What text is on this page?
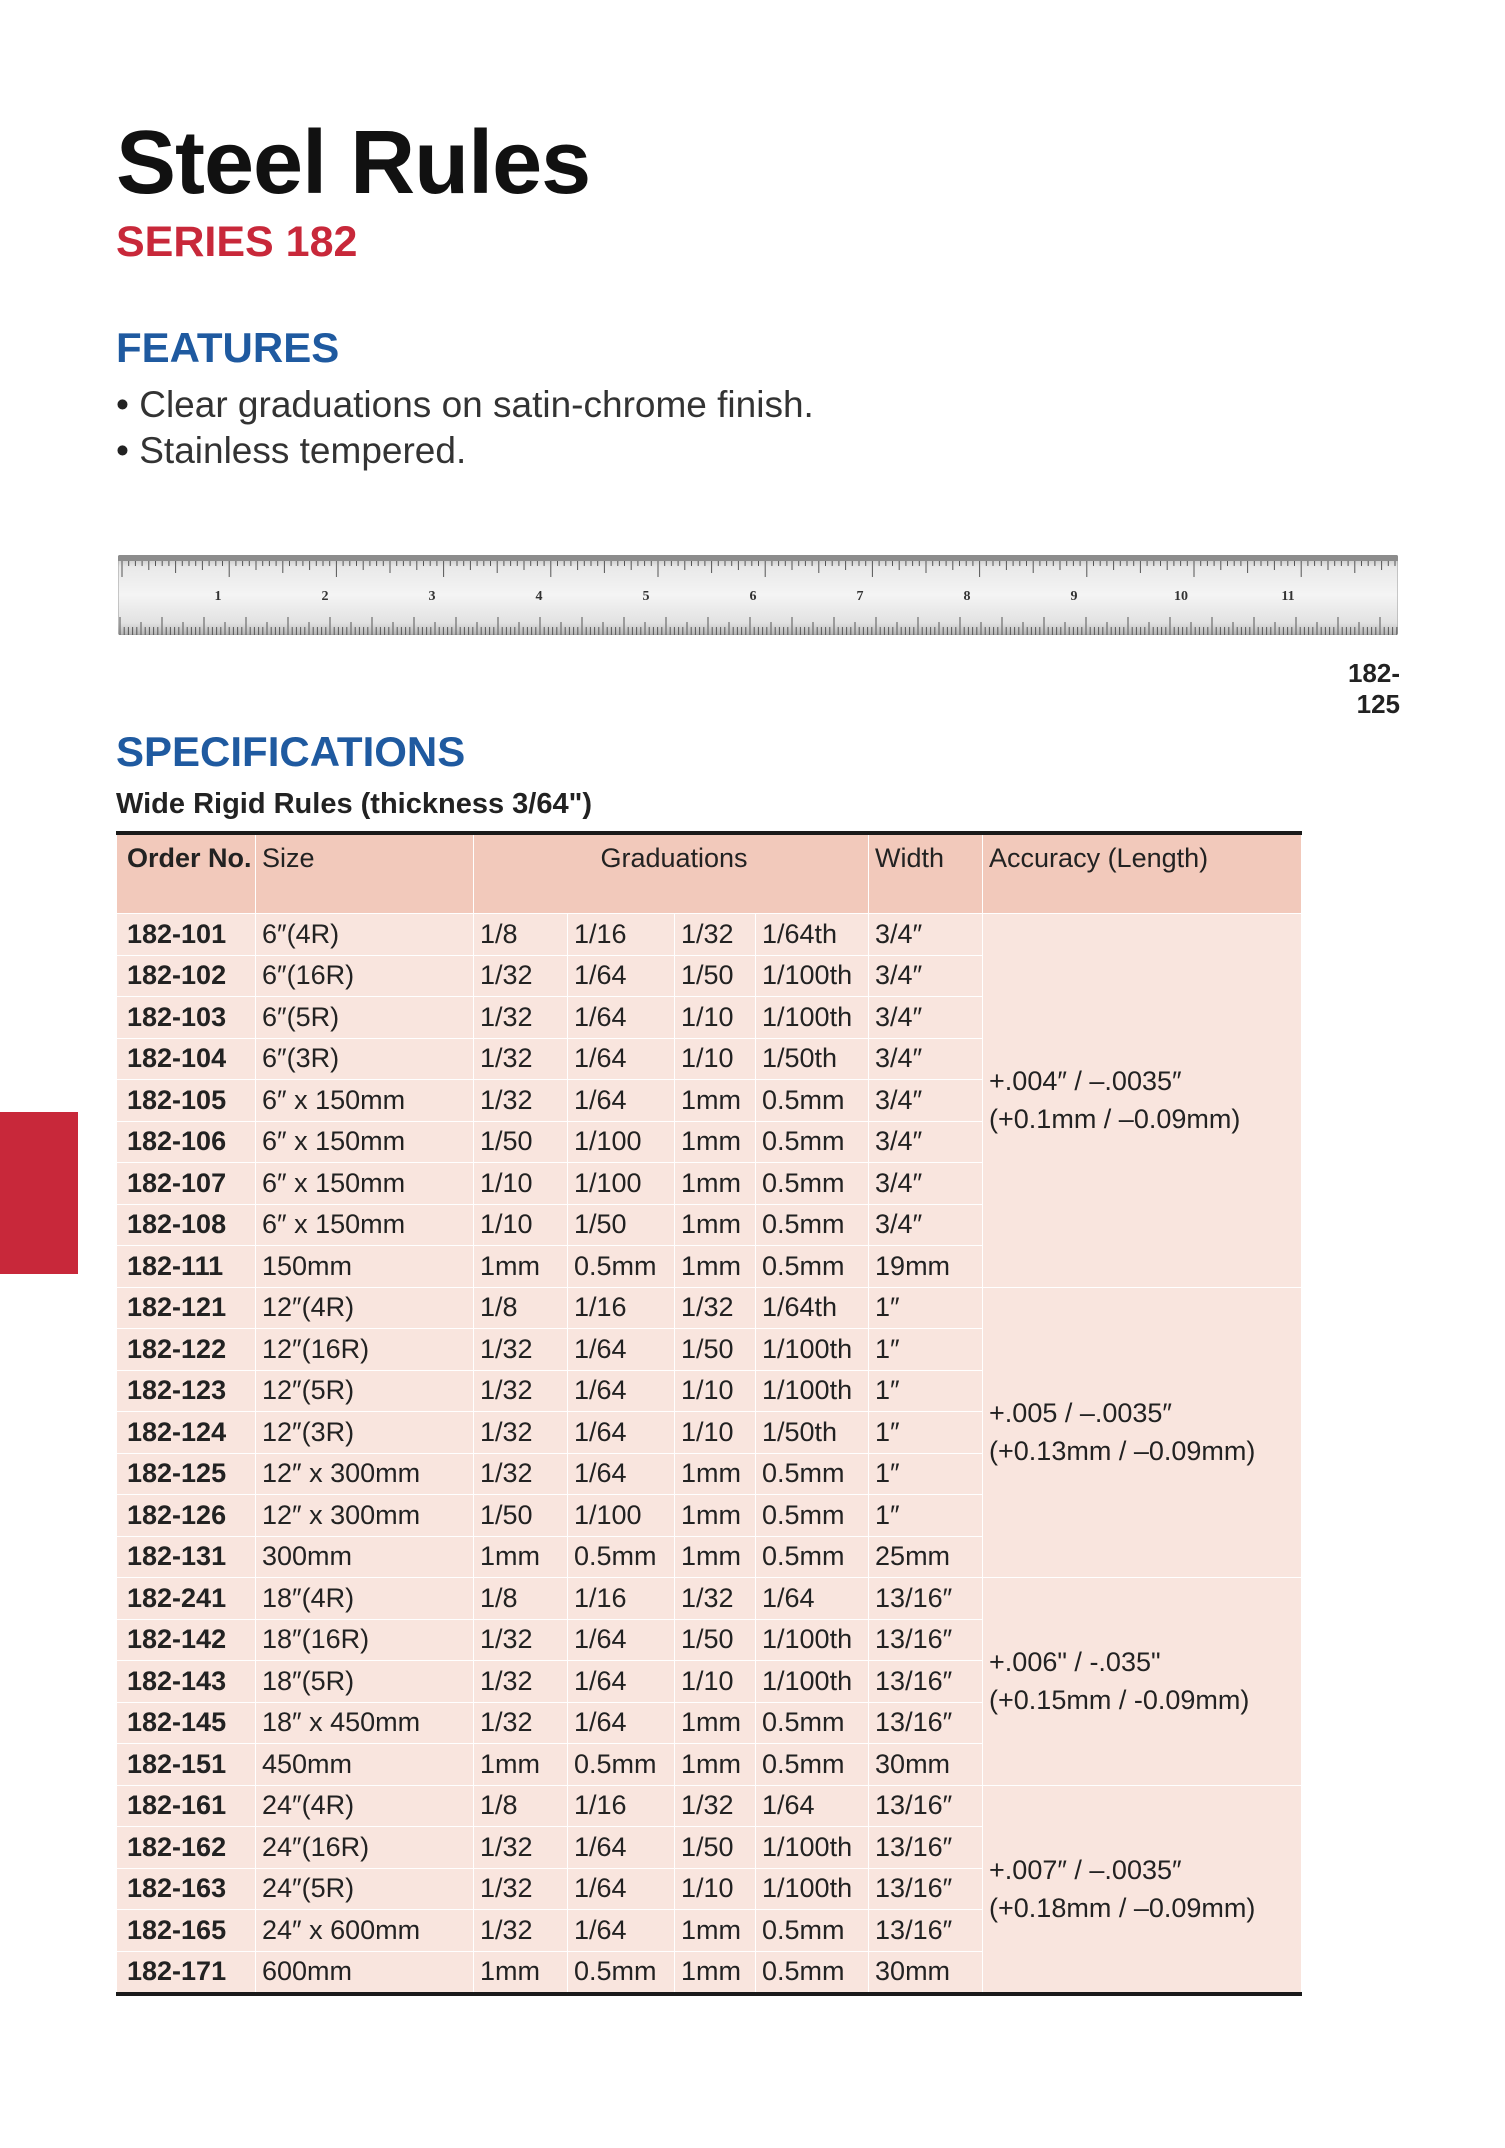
Steel Rules
SERIES 182
FEATURES
• Clear graduations on satin-chrome finish.
• Stainless tempered.
1	2	3	4	5	6	7	8	9	10	11
182-125
SPECIFICATIONS
Wide Rigid Rules (thickness 3/64")
Order No.	Size	Graduations				Width	Accuracy (Length)
182-101	6″(4R)	1/8	1/16	1/32	1/64th	3/4″	+.004″ / –.0035″
(+0.1mm / –0.09mm)

182-102	6″(16R)	1/32	1/64	1/50	1/100th	3/4″	
182-103	6″(5R)	1/32	1/64	1/10	1/100th	3/4″	
182-104	6″(3R)	1/32	1/64	1/10	1/50th	3/4″	
182-105	6″ x 150mm	1/32	1/64	1mm	0.5mm	3/4″	
182-106	6″ x 150mm	1/50	1/100	1mm	0.5mm	3/4″	
182-107	6″ x 150mm	1/10	1/100	1mm	0.5mm	3/4″	
182-108	6″ x 150mm	1/10	1/50	1mm	0.5mm	3/4″	
182-111	150mm	1mm	0.5mm	1mm	0.5mm	19mm	
182-121	12″(4R)	1/8	1/16	1/32	1/64th	1″	+.005 / –.0035″
(+0.13mm / –0.09mm)

182-122	12″(16R)	1/32	1/64	1/50	1/100th	1″	
182-123	12″(5R)	1/32	1/64	1/10	1/100th	1″	
182-124	12″(3R)	1/32	1/64	1/10	1/50th	1″	
182-125	12″ x 300mm	1/32	1/64	1mm	0.5mm	1″	
182-126	12″ x 300mm	1/50	1/100	1mm	0.5mm	1″	
182-131	300mm	1mm	0.5mm	1mm	0.5mm	25mm	
182-241	18″(4R)	1/8	1/16	1/32	1/64	13/16″	+.006" / -.035"
(+0.15mm / -0.09mm)

182-142	18″(16R)	1/32	1/64	1/50	1/100th	13/16″	
182-143	18″(5R)	1/32	1/64	1/10	1/100th	13/16″	
182-145	18″ x 450mm	1/32	1/64	1mm	0.5mm	13/16″	
182-151	450mm	1mm	0.5mm	1mm	0.5mm	30mm	
182-161	24″(4R)	1/8	1/16	1/32	1/64	13/16″	+.007″ / –.0035″
(+0.18mm / –0.09mm)

182-162	24″(16R)	1/32	1/64	1/50	1/100th	13/16″	
182-163	24″(5R)	1/32	1/64	1/10	1/100th	13/16″	
182-165	24″ x 600mm	1/32	1/64	1mm	0.5mm	13/16″	
182-171	600mm	1mm	0.5mm	1mm	0.5mm	30mm	
